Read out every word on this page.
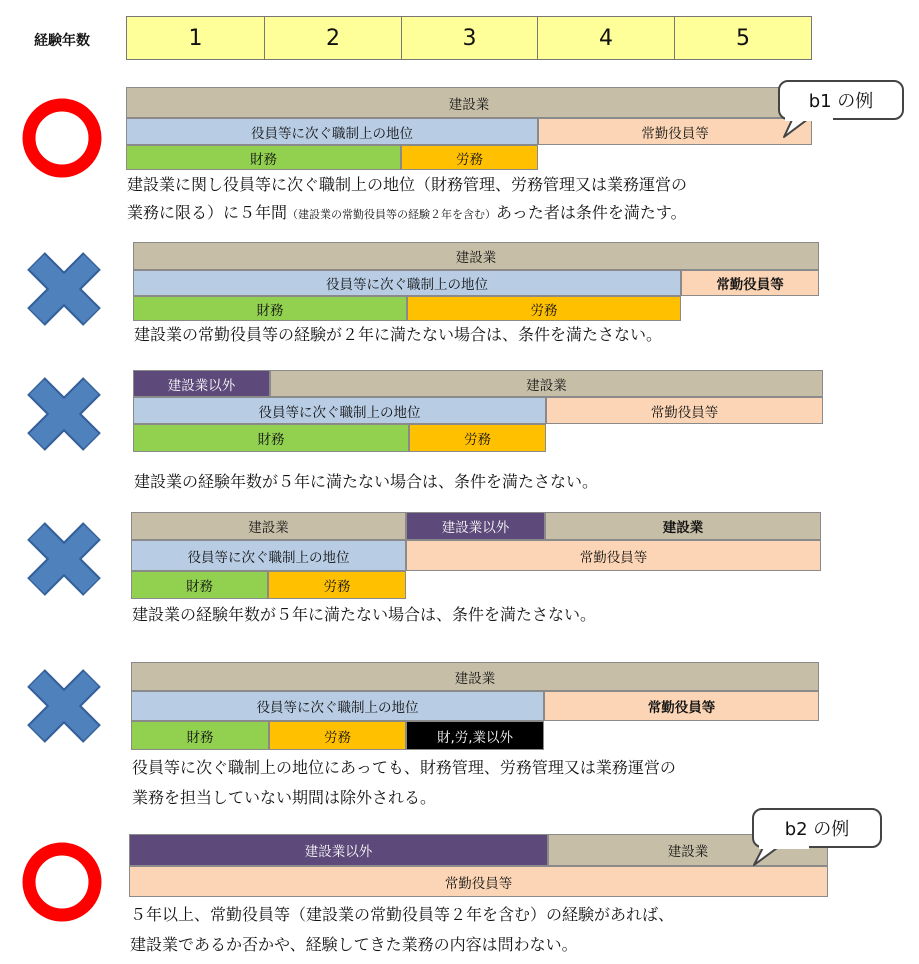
経験年数	1	2	3	4	5
建設業
役員等に次ぐ職制上の地位	常勤役員等
財務	労務
建設業に関し役員等に次ぐ職制上の地位（財務管理、労務管理又は業務運営の
業務に限る）に５年間（建設業の常勤役員等の経験２年を含む）あった者は条件を満たす。
b1 の例
建設業
役員等に次ぐ職制上の地位	常勤役員等
財務	労務
建設業の常勤役員等の経験が２年に満たない場合は、条件を満たさない。
建設業以外	建設業
役員等に次ぐ職制上の地位	常勤役員等
財務	労務
建設業の経験年数が５年に満たない場合は、条件を満たさない。
建設業	建設業以外	建設業
役員等に次ぐ職制上の地位	常勤役員等
財務	労務
建設業の経験年数が５年に満たない場合は、条件を満たさない。
建設業
役員等に次ぐ職制上の地位	常勤役員等
財務	労務	財,労,業以外
役員等に次ぐ職制上の地位にあっても、財務管理、労務管理又は業務運営の
業務を担当していない期間は除外される。
建設業以外	建設業
常勤役員等
５年以上、常勤役員等（建設業の常勤役員等２年を含む）の経験があれば、
建設業であるか否かや、経験してきた業務の内容は問わない。
b2 の例
